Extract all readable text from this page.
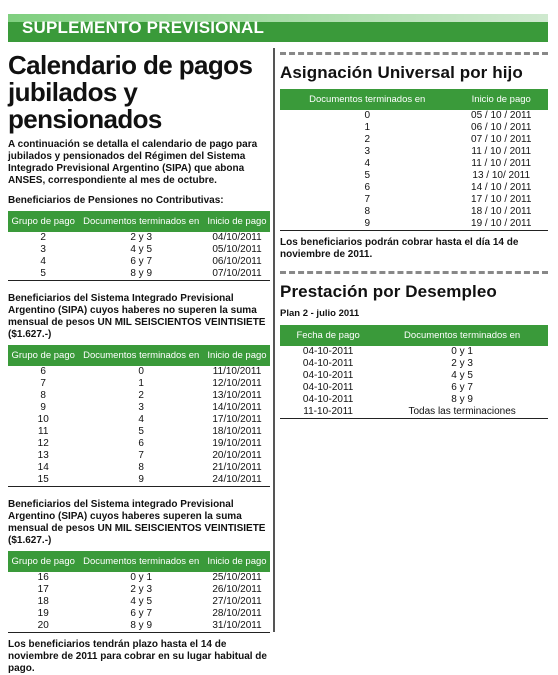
SUPLEMENTO PREVISIONAL
Calendario de pagos
jubilados y pensionados

A continuación se detalla el calendario de pago para jubilados y pensionados del Régimen del Sistema Integrado Previsional Argentino (SIPA) que abona ANSES, correspondiente al mes de octubre.

Beneficiarios de Pensiones no Contributivas:

Grupo de pago	Documentos terminados en	Inicio de pago
2	2 y 3	04/10/2011
3	4 y 5	05/10/2011
4	6 y 7	06/10/2011
5	8 y 9	07/10/2011

Beneficiarios del Sistema Integrado Previsional Argentino (SIPA) cuyos haberes no superen la suma mensual de pesos UN MIL SEISCIENTOS VEINTISIETE ($1.627.-)

Grupo de pago	Documentos terminados en	Inicio de pago
6	0	11/10/2011
7	1	12/10/2011
8	2	13/10/2011
9	3	14/10/2011
10	4	17/10/2011
11	5	18/10/2011
12	6	19/10/2011
13	7	20/10/2011
14	8	21/10/2011
15	9	24/10/2011

Beneficiarios del Sistema integrado Previsional Argentino (SIPA) cuyos haberes superen la suma mensual de pesos UN MIL SEISCIENTOS VEINTISIETE ($1.627.-)

Grupo de pago	Documentos terminados en	Inicio de pago
16	0 y 1	25/10/2011
17	2 y 3	26/10/2011
18	4 y 5	27/10/2011
19	6 y 7	28/10/2011
20	8 y 9	31/10/2011

Los beneficiarios tendrán plazo hasta el 14 de noviembre de 2011 para cobrar en su lugar habitual de pago.

Asignación Universal por hijo
Documentos terminados en	Inicio de pago
0	05 / 10 / 2011
1	06 / 10 / 2011
2	07 / 10 / 2011
3	11 / 10 / 2011
4	11 / 10 / 2011
5	13 / 10/ 2011
6	14 / 10 / 2011
7	17 / 10 / 2011
8	18 / 10 / 2011
9	19 / 10 / 2011

Los beneficiarios podrán cobrar hasta el día 14 de noviembre de 2011.

Prestación por Desempleo

Plan 2 - julio 2011

Fecha de pago	Documentos terminados en
04-10-2011	0 y 1
04-10-2011	2 y 3
04-10-2011	4 y 5
04-10-2011	6 y 7
04-10-2011	8 y 9
11-10-2011	Todas las terminaciones
